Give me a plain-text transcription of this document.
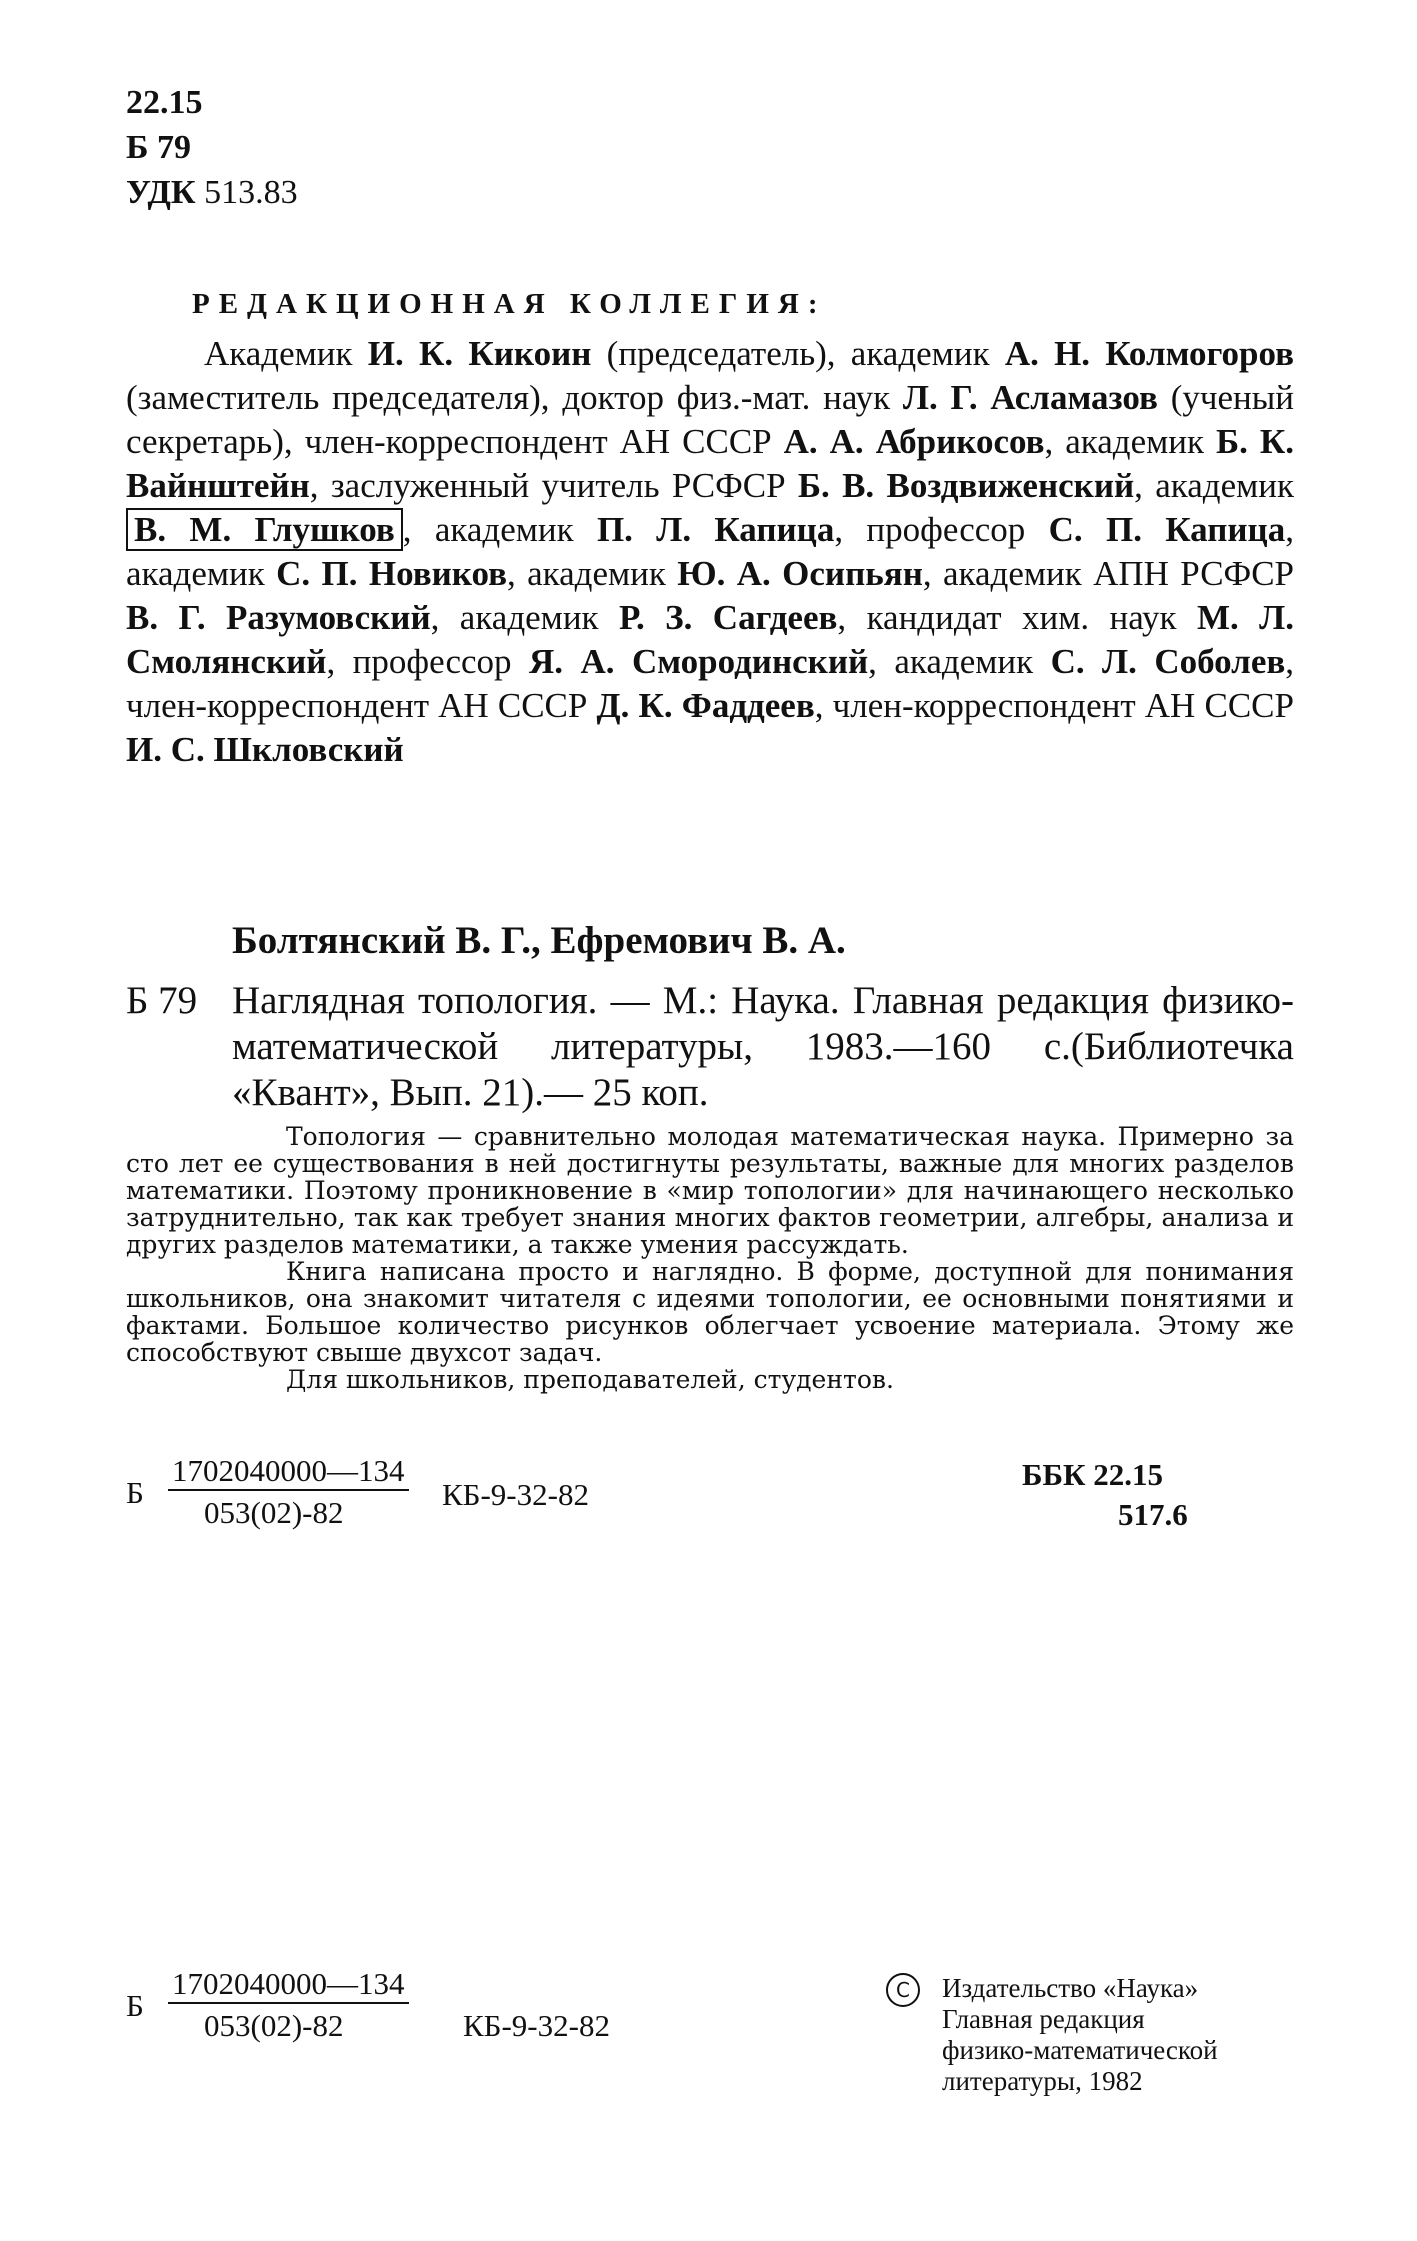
22.15
Б 79
УДК 513.83
РЕДАКЦИОННАЯ КОЛЛЕГИЯ:

Академик И. К. Кикоин (председатель), академик А. Н. Колмогоров (заместитель председателя), доктор физ.-мат. наук Л. Г. Асламазов (ученый секретарь), член-корреспондент АН СССР А. А. Абрикосов, академик Б. К. Вайнштейн, заслуженный учитель РСФСР Б. В. Воздвиженский, академик В. М. Глушков , академик П. Л. Капица, профессор С. П. Капица, академик С. П. Новиков, академик Ю. А. Осипьян, академик АПН РСФСР В. Г. Разумовский, академик Р. З. Сагдеев, кандидат хим. наук М. Л. Смолянский, профессор Я. А. Смородинский, академик С. Л. Соболев, член-корреспондент АН СССР Д. К. Фаддеев, член-корреспондент АН СССР И. С. Шкловский

Болтянский В. Г., Ефремович В. А.
Б 79 Наглядная топология. — М.: Наука. Главная редакция физико-математической литературы, 1983.—160 с.(Библиотечка «Квант», Вып. 21).— 25 коп.

Топология — сравнительно молодая математическая наука. Примерно за сто лет ее существования в ней достигнуты результаты, важные для многих разделов математики. Поэтому проникновение в «мир топологии» для начинающего несколько затруднительно, так как требует знания многих фактов геометрии, алгебры, анализа и других разделов математики, а также умения рассуждать.

Книга написана просто и наглядно. В форме, доступной для понимания школьников, она знакомит читателя с идеями топологии, ее основными понятиями и фактами. Большое количество рисунков облегчает усвоение материала. Этому же способствуют свыше двухсот задач.

Для школьников, преподавателей, студентов.

Б
1702040000—134
053(02)-82
КБ-9-32-82
ББК 22.15
517.6
Б
1702040000—134
053(02)-82	КБ-9-32-82
C	Издательство «Наука»
Главная редакция
физико-математической
литературы, 1982
